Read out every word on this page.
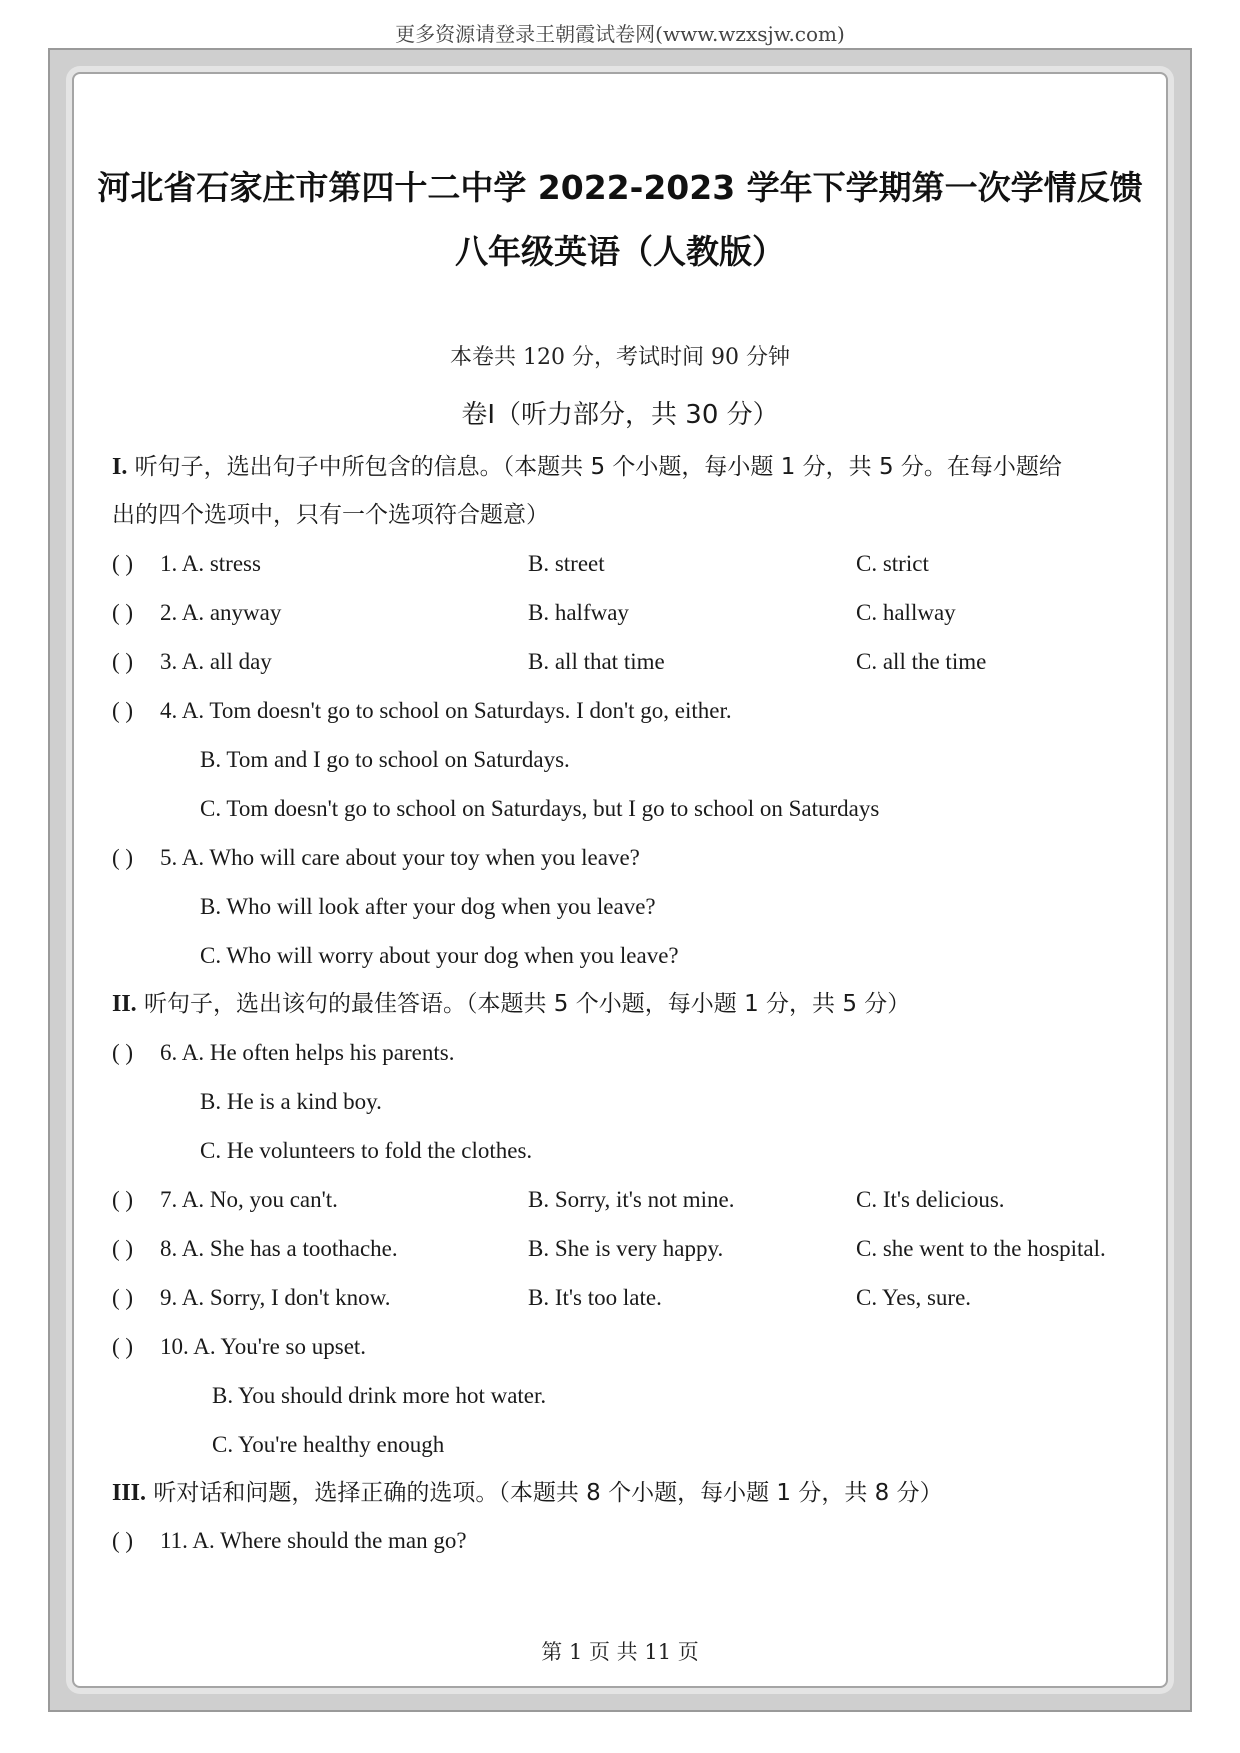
更多资源请登录王朝霞试卷网(www.wzxsjw.com)
河北省石家庄市第四十二中学 2022-2023 学年下学期第一次学情反馈
八年级英语（人教版）
本卷共 120 分，考试时间 90 分钟
卷I（听力部分，共 30 分）
I. 听句子，选出句子中所包含的信息。（本题共 5 个小题，每小题 1 分，共 5 分。在每小题给
出的四个选项中，只有一个选项符合题意）
( ) 1. A. stress	B. street	C. strict
( ) 2. A. anyway	B. halfway	C. hallway
( ) 3. A. all day	B. all that time	C. all the time
( ) 4. A. Tom doesn't go to school on Saturdays. I don't go, either.
B. Tom and I go to school on Saturdays.
C. Tom doesn't go to school on Saturdays, but I go to school on Saturdays
( ) 5. A. Who will care about your toy when you leave?
B. Who will look after your dog when you leave?
C. Who will worry about your dog when you leave?
II. 听句子，选出该句的最佳答语。（本题共 5 个小题，每小题 1 分，共 5 分）
( ) 6. A. He often helps his parents.
B. He is a kind boy.
C. He volunteers to fold the clothes.
( ) 7. A. No, you can't.	B. Sorry, it's not mine.	C. It's delicious.
( ) 8. A. She has a toothache.	B. She is very happy.	C. she went to the hospital.
( ) 9. A. Sorry, I don't know.	B. It's too late.	C. Yes, sure.
( ) 10. A. You're so upset.
B. You should drink more hot water.
C. You're healthy enough
III. 听对话和问题，选择正确的选项。（本题共 8 个小题，每小题 1 分，共 8 分）
( ) 11. A. Where should the man go?
第 1 页 共 11 页
